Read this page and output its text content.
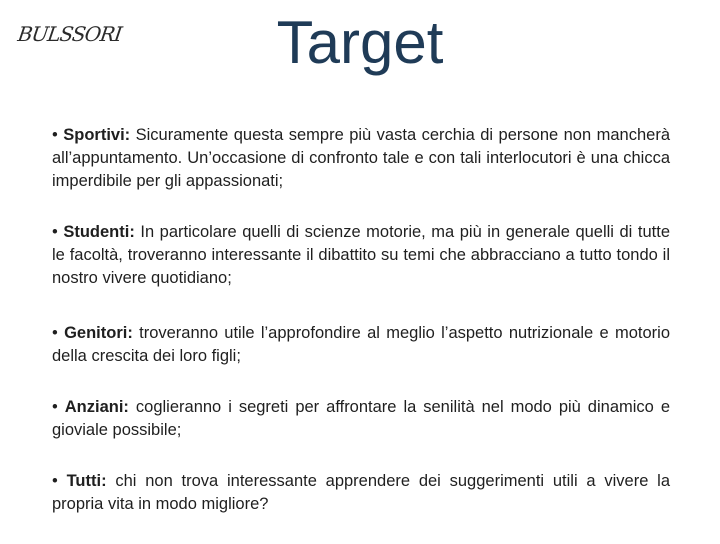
BULSSORI	Target

• Sportivi: Sicuramente questa sempre più vasta cerchia di persone non mancherà all’appuntamento. Un’occasione di confronto tale e con tali interlocutori è una chicca imperdibile per gli appassionati;

• Studenti: In particolare quelli di scienze motorie, ma più in generale quelli di tutte le facoltà, troveranno interessante il dibattito su temi che abbracciano a tutto tondo il nostro vivere quotidiano;

• Genitori: troveranno utile l’approfondire al meglio l’aspetto nutrizionale e motorio della crescita dei loro figli;

• Anziani: coglieranno i segreti per affrontare la senilità nel modo più dinamico e gioviale possibile;

• Tutti: chi non trova interessante apprendere dei suggerimenti utili a vivere la propria vita in modo migliore?
